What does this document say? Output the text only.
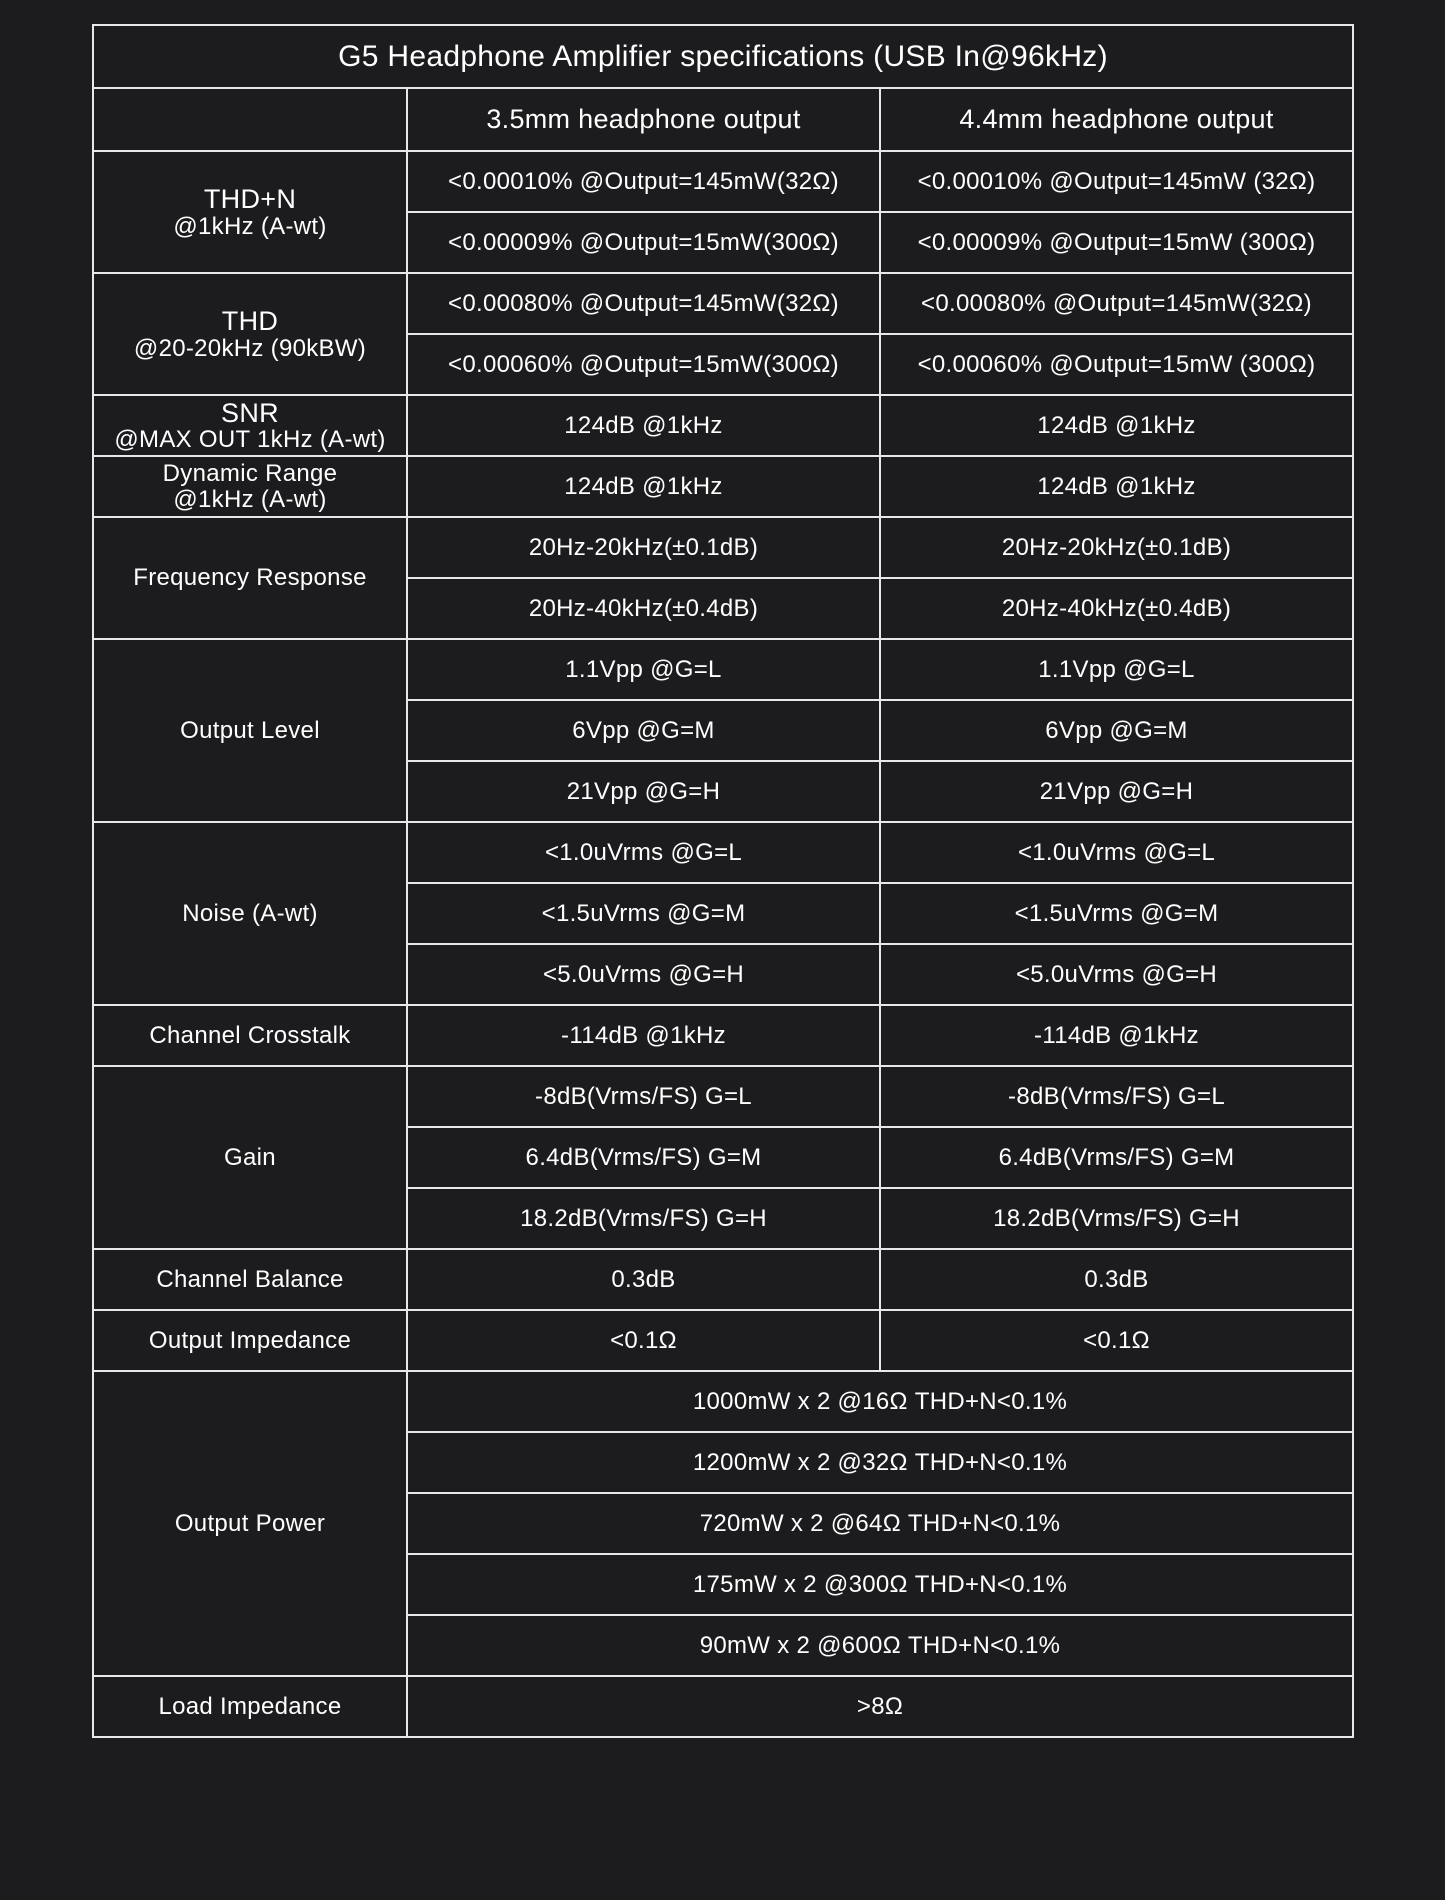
G5 Headphone Amplifier specifications (USB In@96kHz)		
	3.5mm headphone output	4.4mm headphone output

THD+N
@1kHz (A-wt)	<0.00010% @Output=145mW(32Ω)	<0.00010% @Output=145mW (32Ω)
	<0.00009% @Output=15mW(300Ω)	<0.00009% @Output=15mW (300Ω)

THD
@20-20kHz (90kBW)	<0.00080% @Output=145mW(32Ω)	<0.00080% @Output=145mW(32Ω)
	<0.00060% @Output=15mW(300Ω)	<0.00060% @Output=15mW (300Ω)

SNR
@MAX OUT 1kHz (A-wt)	124dB @1kHz	124dB @1kHz

Dynamic Range
@1kHz (A-wt)	124dB @1kHz	124dB @1kHz
Frequency Response	20Hz-20kHz(±0.1dB)	20Hz-20kHz(±0.1dB)
	20Hz-40kHz(±0.4dB)	20Hz-40kHz(±0.4dB)
Output Level	1.1Vpp @G=L	1.1Vpp @G=L
	6Vpp @G=M	6Vpp @G=M
	21Vpp @G=H	21Vpp @G=H
Noise (A-wt)	<1.0uVrms @G=L	<1.0uVrms @G=L
	<1.5uVrms @G=M	<1.5uVrms @G=M
	<5.0uVrms @G=H	<5.0uVrms @G=H
Channel Crosstalk	-114dB @1kHz	-114dB @1kHz
Gain	-8dB(Vrms/FS) G=L	-8dB(Vrms/FS) G=L
	6.4dB(Vrms/FS) G=M	6.4dB(Vrms/FS) G=M
	18.2dB(Vrms/FS) G=H	18.2dB(Vrms/FS) G=H
Channel Balance	0.3dB	0.3dB
Output Impedance	<0.1Ω	<0.1Ω
Output Power	1000mW x 2 @16Ω THD+N<0.1%	
	1200mW x 2 @32Ω THD+N<0.1%	
	720mW x 2 @64Ω THD+N<0.1%	
	175mW x 2 @300Ω THD+N<0.1%	
	90mW x 2 @600Ω THD+N<0.1%	
Load Impedance	>8Ω	
